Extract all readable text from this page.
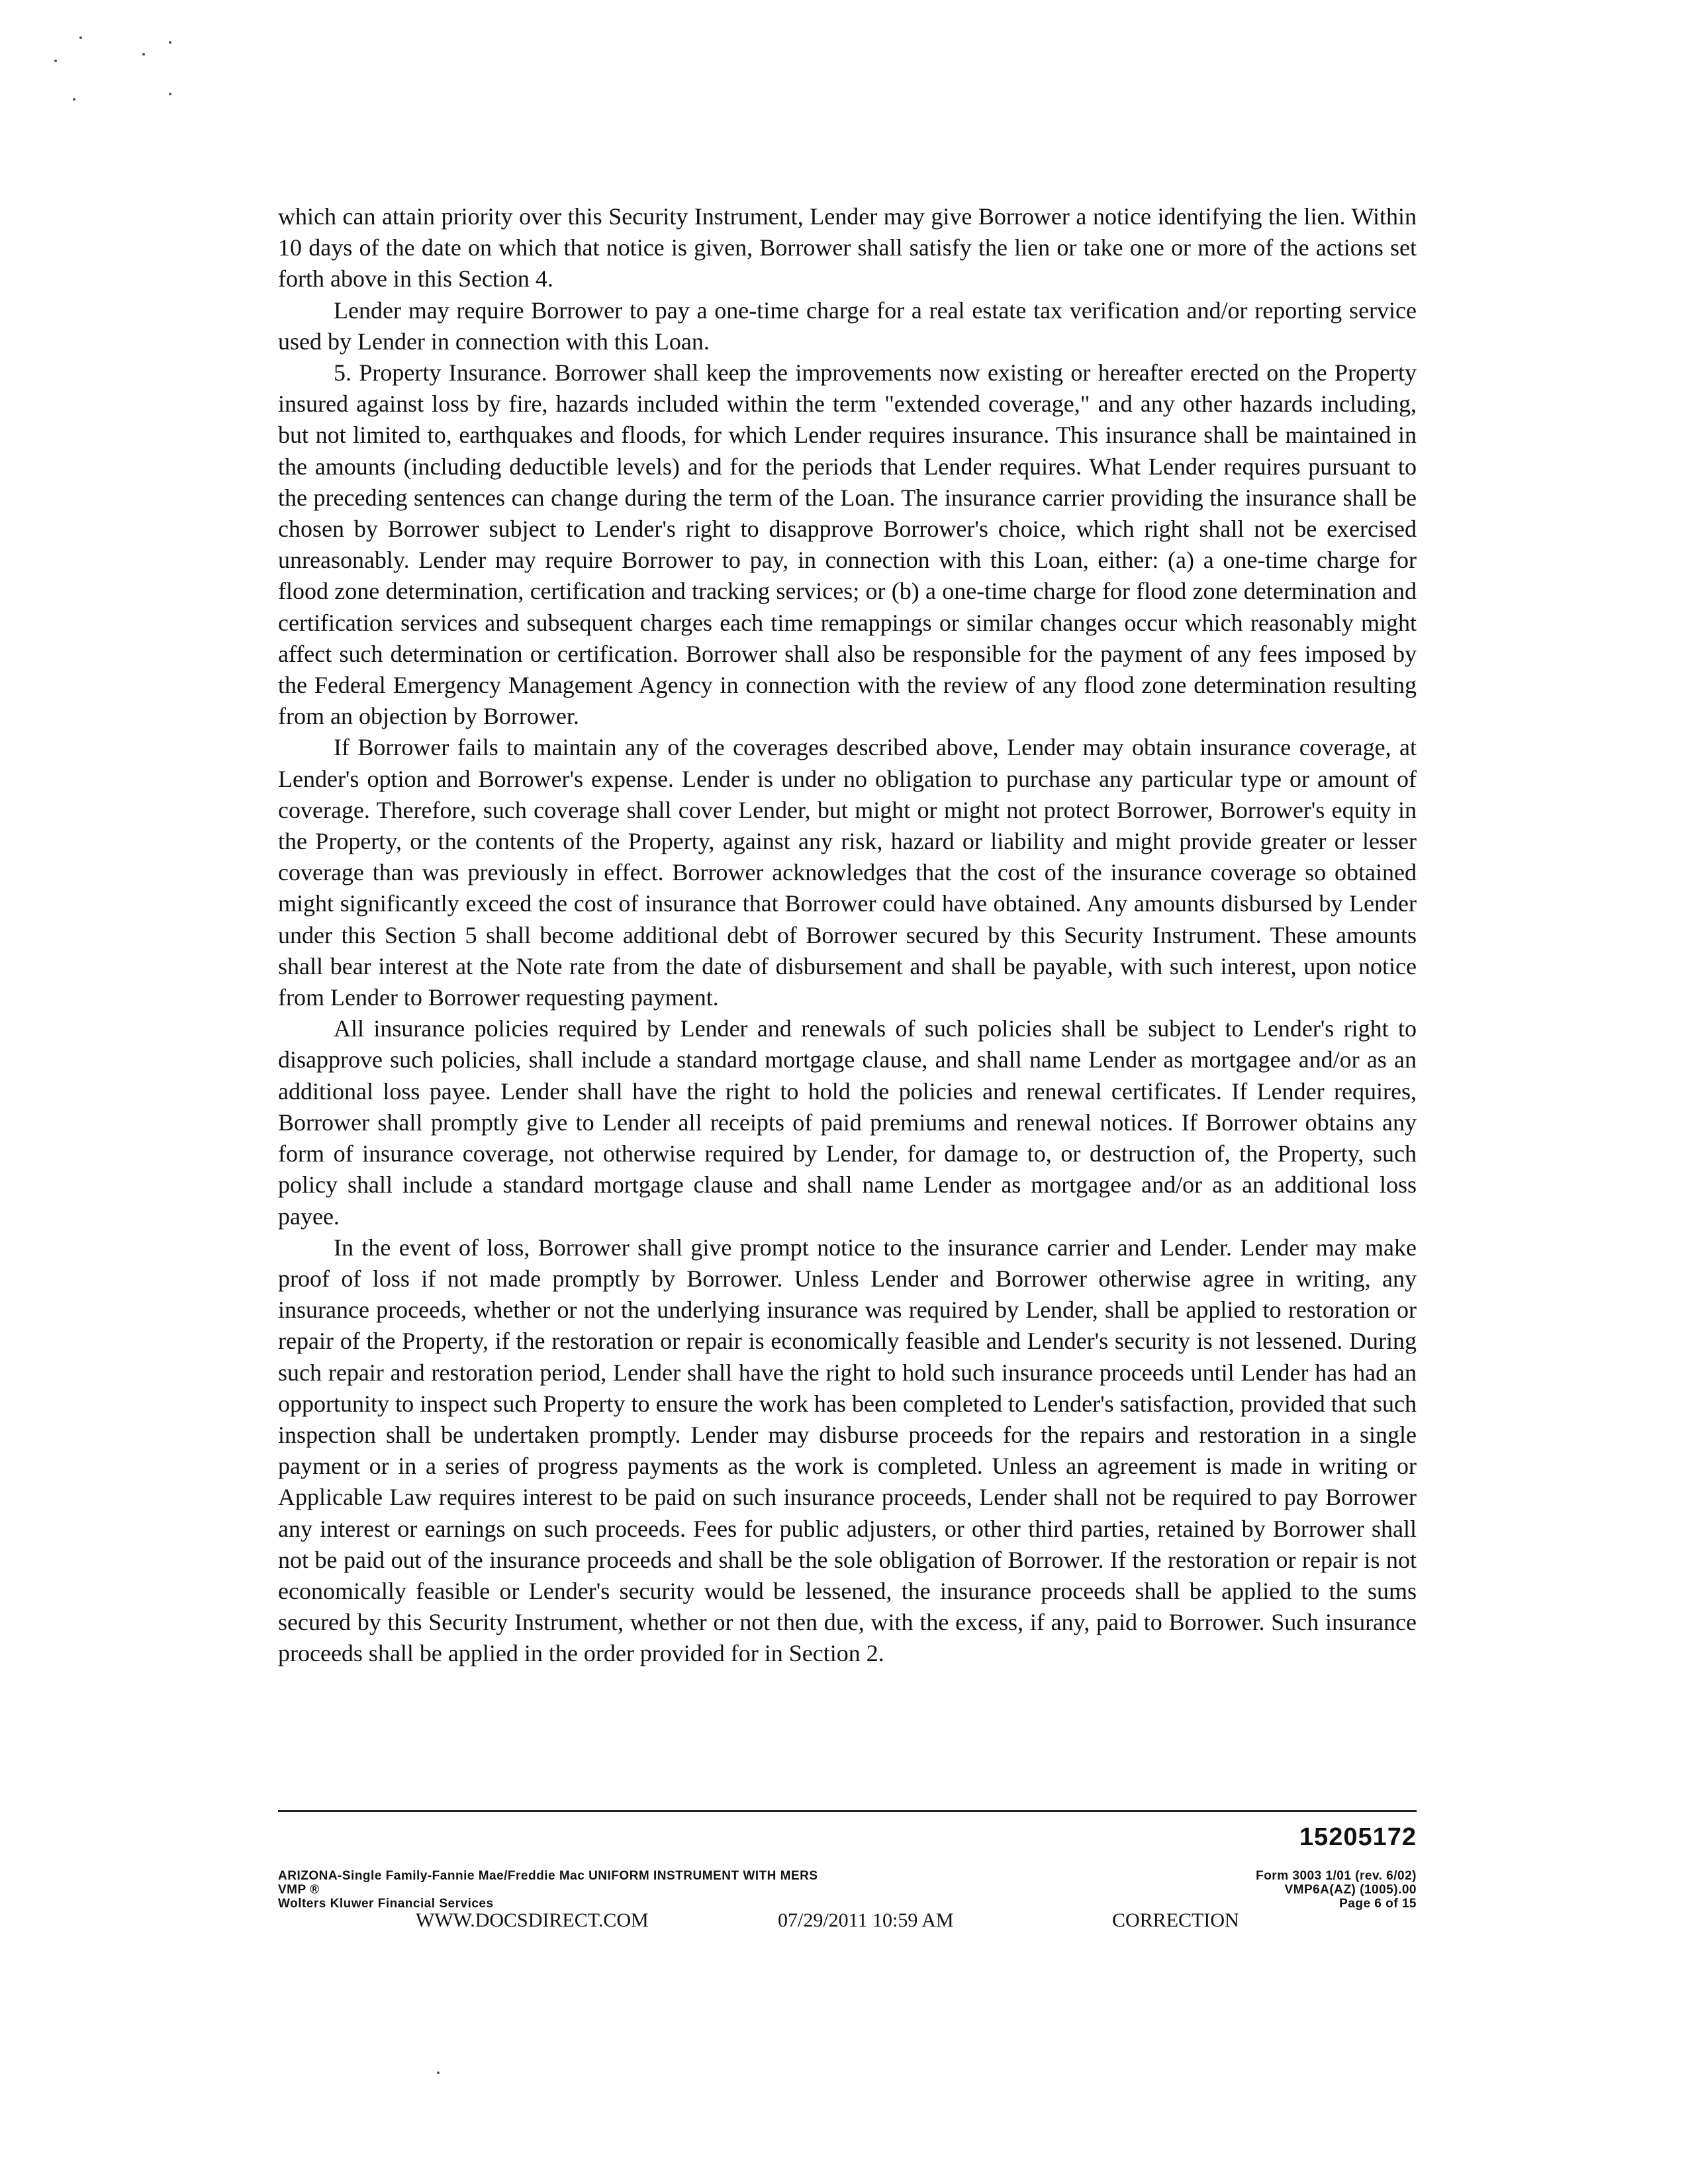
which can attain priority over this Security Instrument, Lender may give Borrower a notice identifying the lien. Within 10 days of the date on which that notice is given, Borrower shall satisfy the lien or take one or more of the actions set forth above in this Section 4.

Lender may require Borrower to pay a one-time charge for a real estate tax verification and/or reporting service used by Lender in connection with this Loan.

5. Property Insurance. Borrower shall keep the improvements now existing or hereafter erected on the Property insured against loss by fire, hazards included within the term "extended coverage," and any other hazards including, but not limited to, earthquakes and floods, for which Lender requires insurance. This insurance shall be maintained in the amounts (including deductible levels) and for the periods that Lender requires. What Lender requires pursuant to the preceding sentences can change during the term of the Loan. The insurance carrier providing the insurance shall be chosen by Borrower subject to Lender's right to disapprove Borrower's choice, which right shall not be exercised unreasonably. Lender may require Borrower to pay, in connection with this Loan, either: (a) a one-time charge for flood zone determination, certification and tracking services; or (b) a one-time charge for flood zone determination and certification services and subsequent charges each time remappings or similar changes occur which reasonably might affect such determination or certification. Borrower shall also be responsible for the payment of any fees imposed by the Federal Emergency Management Agency in connection with the review of any flood zone determination resulting from an objection by Borrower.

If Borrower fails to maintain any of the coverages described above, Lender may obtain insurance coverage, at Lender's option and Borrower's expense. Lender is under no obligation to purchase any particular type or amount of coverage. Therefore, such coverage shall cover Lender, but might or might not protect Borrower, Borrower's equity in the Property, or the contents of the Property, against any risk, hazard or liability and might provide greater or lesser coverage than was previously in effect. Borrower acknowledges that the cost of the insurance coverage so obtained might significantly exceed the cost of insurance that Borrower could have obtained. Any amounts disbursed by Lender under this Section 5 shall become additional debt of Borrower secured by this Security Instrument. These amounts shall bear interest at the Note rate from the date of disbursement and shall be payable, with such interest, upon notice from Lender to Borrower requesting payment.

All insurance policies required by Lender and renewals of such policies shall be subject to Lender's right to disapprove such policies, shall include a standard mortgage clause, and shall name Lender as mortgagee and/or as an additional loss payee. Lender shall have the right to hold the policies and renewal certificates. If Lender requires, Borrower shall promptly give to Lender all receipts of paid premiums and renewal notices. If Borrower obtains any form of insurance coverage, not otherwise required by Lender, for damage to, or destruction of, the Property, such policy shall include a standard mortgage clause and shall name Lender as mortgagee and/or as an additional loss payee.

In the event of loss, Borrower shall give prompt notice to the insurance carrier and Lender. Lender may make proof of loss if not made promptly by Borrower. Unless Lender and Borrower otherwise agree in writing, any insurance proceeds, whether or not the underlying insurance was required by Lender, shall be applied to restoration or repair of the Property, if the restoration or repair is economically feasible and Lender's security is not lessened. During such repair and restoration period, Lender shall have the right to hold such insurance proceeds until Lender has had an opportunity to inspect such Property to ensure the work has been completed to Lender's satisfaction, provided that such inspection shall be undertaken promptly. Lender may disburse proceeds for the repairs and restoration in a single payment or in a series of progress payments as the work is completed. Unless an agreement is made in writing or Applicable Law requires interest to be paid on such insurance proceeds, Lender shall not be required to pay Borrower any interest or earnings on such proceeds. Fees for public adjusters, or other third parties, retained by Borrower shall not be paid out of the insurance proceeds and shall be the sole obligation of Borrower. If the restoration or repair is not economically feasible or Lender's security would be lessened, the insurance proceeds shall be applied to the sums secured by this Security Instrument, whether or not then due, with the excess, if any, paid to Borrower. Such insurance proceeds shall be applied in the order provided for in Section 2.

15205172
ARIZONA-Single Family-Fannie Mae/Freddie Mac UNIFORM INSTRUMENT WITH MERS
VMP ®
Wolters Kluwer Financial Services
Form 3003 1/01 (rev. 6/02)
VMP6A(AZ) (1005).00
Page 6 of 15
WWW.DOCSDIRECT.COM	07/29/2011 10:59 AM	CORRECTION
